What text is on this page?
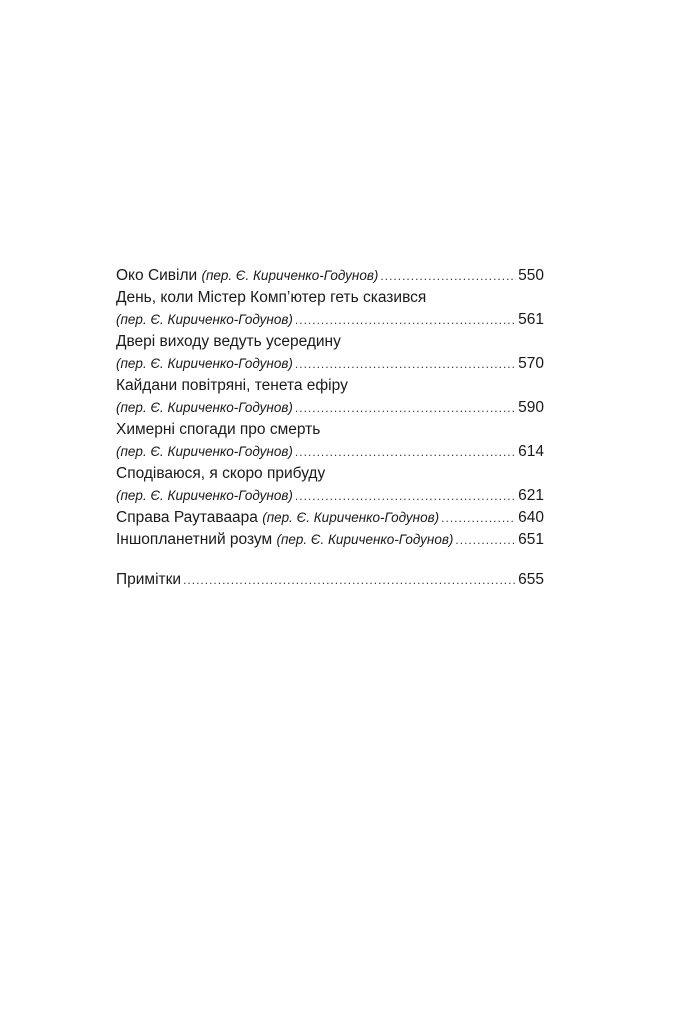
Око Сивіли (пер. Є. Кириченко-Годунов) .....	550
День, коли Містер Комп’ютер геть сказився
(пер. Є. Кириченко-Годунов) .....	561
Двері виходу ведуть усередину
(пер. Є. Кириченко-Годунов) .....	570
Кайдани повітряні, тенета ефіру
(пер. Є. Кириченко-Годунов) .....	590
Химерні спогади про смерть
(пер. Є. Кириченко-Годунов) .....	614
Сподіваюся, я скоро прибуду
(пер. Є. Кириченко-Годунов) .....	621
Справа Раутаваара (пер. Є. Кириченко-Годунов) .....	640
Іншопланетний розум (пер. Є. Кириченко-Годунов) .....	651
Примітки .....	655
